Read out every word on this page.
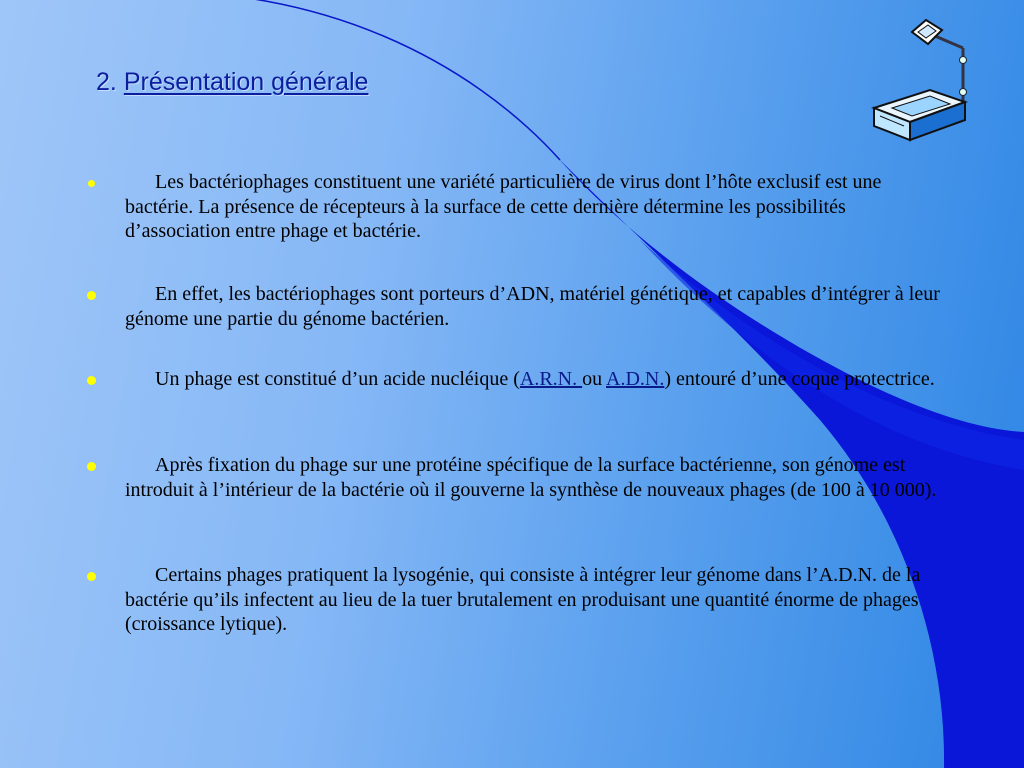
2. Présentation générale
Les bactériophages constituent une variété particulière de virus dont l’hôte exclusif est une bactérie. La présence de récepteurs à la surface de cette dernière détermine les possibilités d’association entre phage et bactérie.
En effet, les bactériophages sont porteurs d’ADN, matériel génétique, et capables d’intégrer à leur génome une partie du génome bactérien.
Un phage est constitué d’un acide nucléique (A.R.N. ou A.D.N.) entouré d’une coque protectrice.
Après fixation du phage sur une protéine spécifique de la surface bactérienne, son génome est introduit à l’intérieur de la bactérie où il gouverne la synthèse de nouveaux phages (de 100 à 10 000).
Certains phages pratiquent la lysogénie, qui consiste à intégrer leur génome dans l’A.D.N. de la bactérie qu’ils infectent au lieu de la tuer brutalement en produisant une quantité énorme de phages (croissance lytique).
